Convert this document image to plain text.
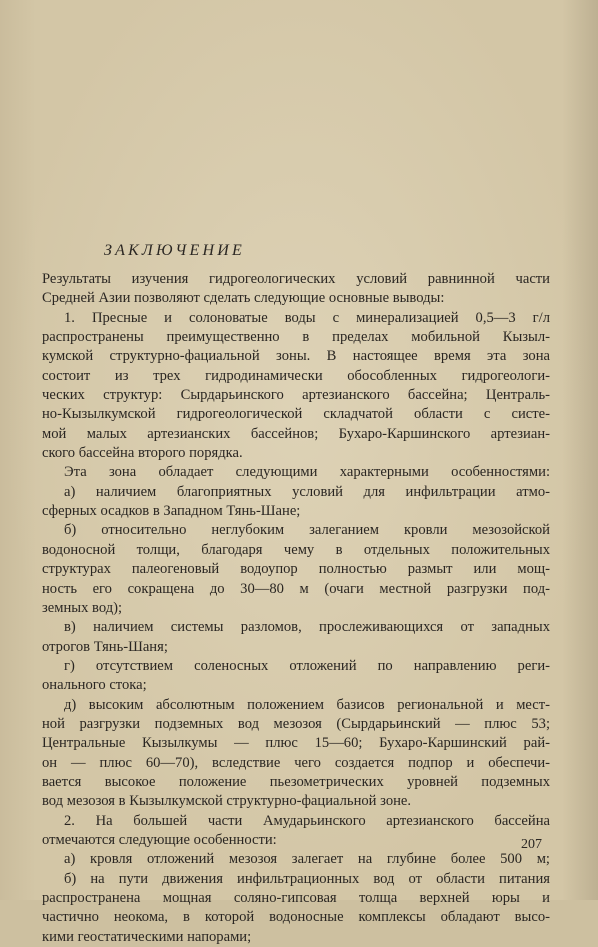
ЗАКЛЮЧЕНИЕ
Результаты изучения гидрогеологических условий равнинной части
Средней Азии позволяют сделать следующие основные выводы:
1. Пресные и солоноватые воды с минерализацией 0,5—3 г/л
распространены преимущественно в пределах мобильной Кызыл-
кумской структурно-фациальной зоны. В настоящее время эта зона
состоит из трех гидродинамически обособленных гидрогеологи-
ческих структур: Сырдарьинского артезианского бассейна; Централь-
но-Кызылкумской гидрогеологической складчатой области с систе-
мой малых артезианских бассейнов; Бухаро-Каршинского артезиан-
ского бассейна второго порядка.
Эта зона обладает следующими характерными особенностями:
а) наличием благоприятных условий для инфильтрации атмо-
сферных осадков в Западном Тянь-Шане;
б) относительно неглубоким залеганием кровли мезозойской
водоносной толщи, благодаря чему в отдельных положительных
структурах палеогеновый водоупор полностью размыт или мощ-
ность его сокращена до 30—80 м (очаги местной разгрузки под-
земных вод);
в) наличием системы разломов, прослеживающихся от западных
отрогов Тянь-Шаня;
г) отсутствием соленосных отложений по направлению реги-
онального стока;
д) высоким абсолютным положением базисов региональной и мест-
ной разгрузки подземных вод мезозоя (Сырдарьинский — плюс 53;
Центральные Кызылкумы — плюс 15—60; Бухаро-Каршинский рай-
он — плюс 60—70), вследствие чего создается подпор и обеспечи-
вается высокое положение пьезометрических уровней подземных
вод мезозоя в Кызылкумской структурно-фациальной зоне.
2. На большей части Амударьинского артезианского бассейна
отмечаются следующие особенности:
а) кровля отложений мезозоя залегает на глубине более 500 м;
б) на пути движения инфильтрационных вод от области питания
распространена мощная соляно-гипсовая толща верхней юры и
частично неокома, в которой водоносные комплексы обладают высо-
кими геостатическими напорами;
207
